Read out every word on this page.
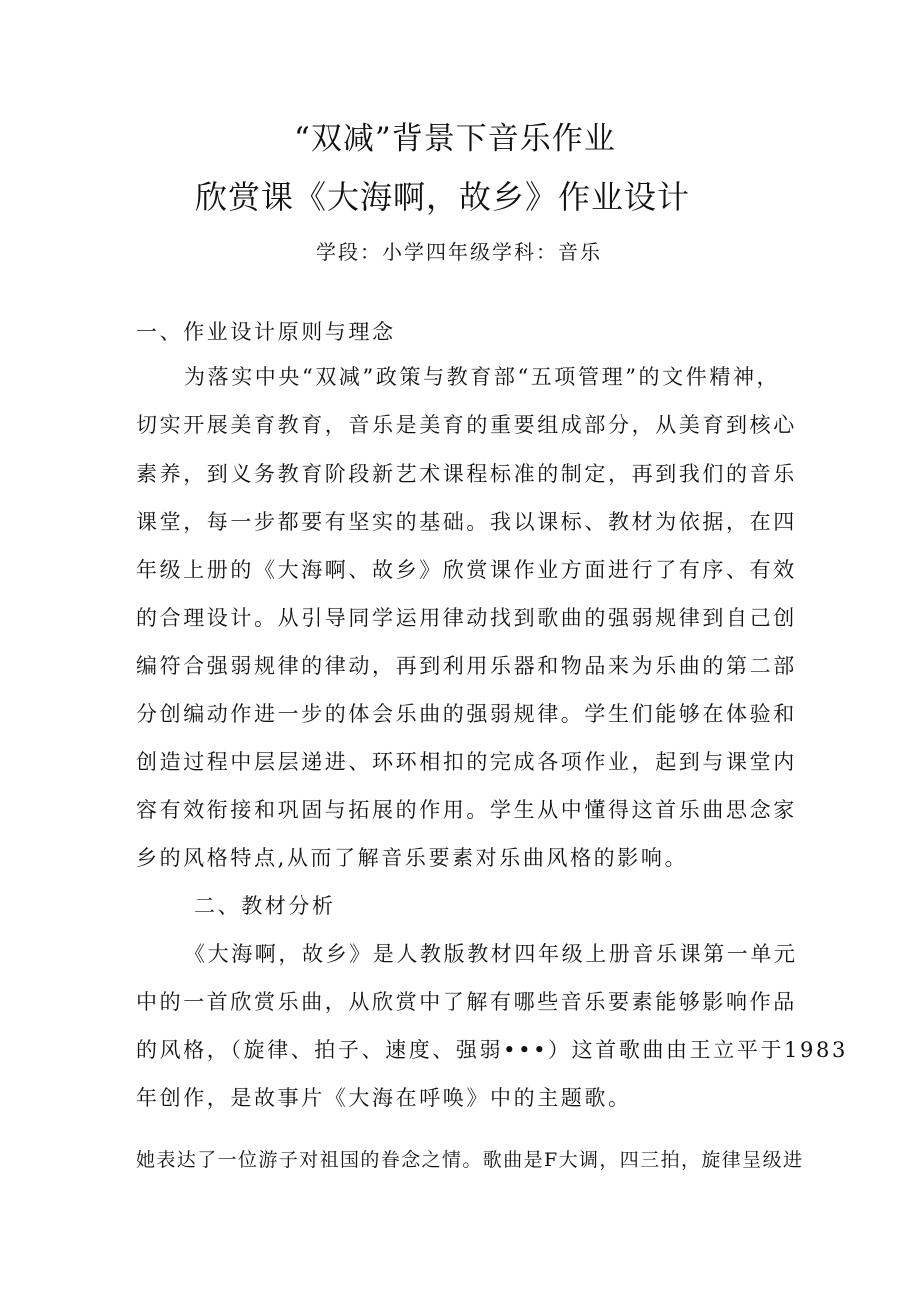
“双减”背景下音乐作业
欣赏课《大海啊，故乡》作业设计
学段：小学四年级学科：音乐
一、作业设计原则与理念
为落实中央“双减”政策与教育部“五项管理”的文件精神，
切实开展美育教育，音乐是美育的重要组成部分，从美育到核心
素养，到义务教育阶段新艺术课程标准的制定，再到我们的音乐
课堂，每一步都要有坚实的基础。我以课标、教材为依据，在四
年级上册的《大海啊、故乡》欣赏课作业方面进行了有序、有效
的合理设计。从引导同学运用律动找到歌曲的强弱规律到自己创
编符合强弱规律的律动，再到利用乐器和物品来为乐曲的第二部
分创编动作进一步的体会乐曲的强弱规律。学生们能够在体验和
创造过程中层层递进、环环相扣的完成各项作业，起到与课堂内
容有效衔接和巩固与拓展的作用。学生从中懂得这首乐曲思念家
乡的风格特点,从而了解音乐要素对乐曲风格的影响。
二、教材分析
《大海啊，故乡》是人教版教材四年级上册音乐课第一单元
中的一首欣赏乐曲，从欣赏中了解有哪些音乐要素能够影响作品
的风格，（旋律、拍子、速度、强弱•••）这首歌曲由王立平于1983
年创作，是故事片《大海在呼唤》中的主题歌。
她表达了一位游子对祖国的眷念之情。歌曲是F大调，四三拍，旋律呈级进
